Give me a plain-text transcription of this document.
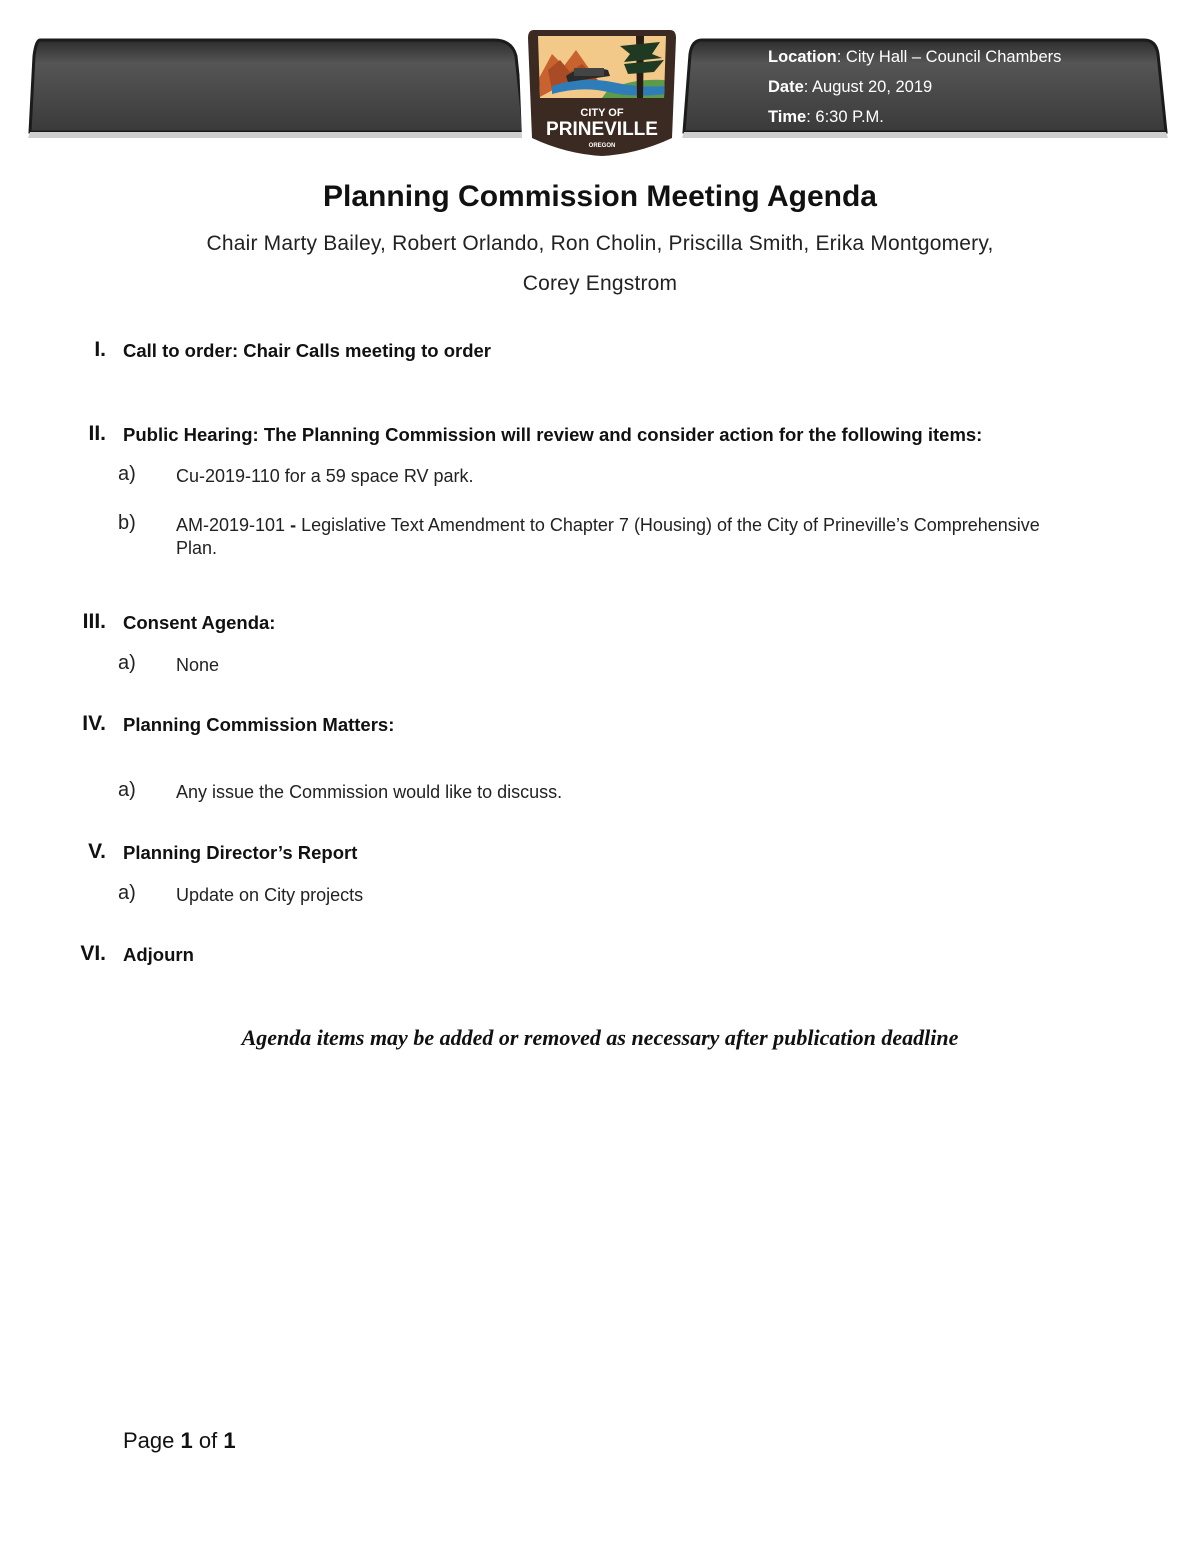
Location: City Hall – Council Chambers
Date: August 20, 2019
Time: 6:30 P.M.
CITY OF
PRINEVILLE
OREGON
Planning Commission Meeting Agenda
Chair Marty Bailey, Robert Orlando, Ron Cholin, Priscilla Smith, Erika Montgomery,
Corey Engstrom
I. Call to order: Chair Calls meeting to order
II. Public Hearing: The Planning Commission will review and consider action for the following items:
a) Cu-2019-110 for a 59 space RV park.
b) AM-2019-101 - Legislative Text Amendment to Chapter 7 (Housing) of the City of Prineville’s Comprehensive Plan.
III. Consent Agenda:
a) None
IV. Planning Commission Matters:
a) Any issue the Commission would like to discuss.
V. Planning Director’s Report
a) Update on City projects
VI. Adjourn
Agenda items may be added or removed as necessary after publication deadline
Page 1 of 1
